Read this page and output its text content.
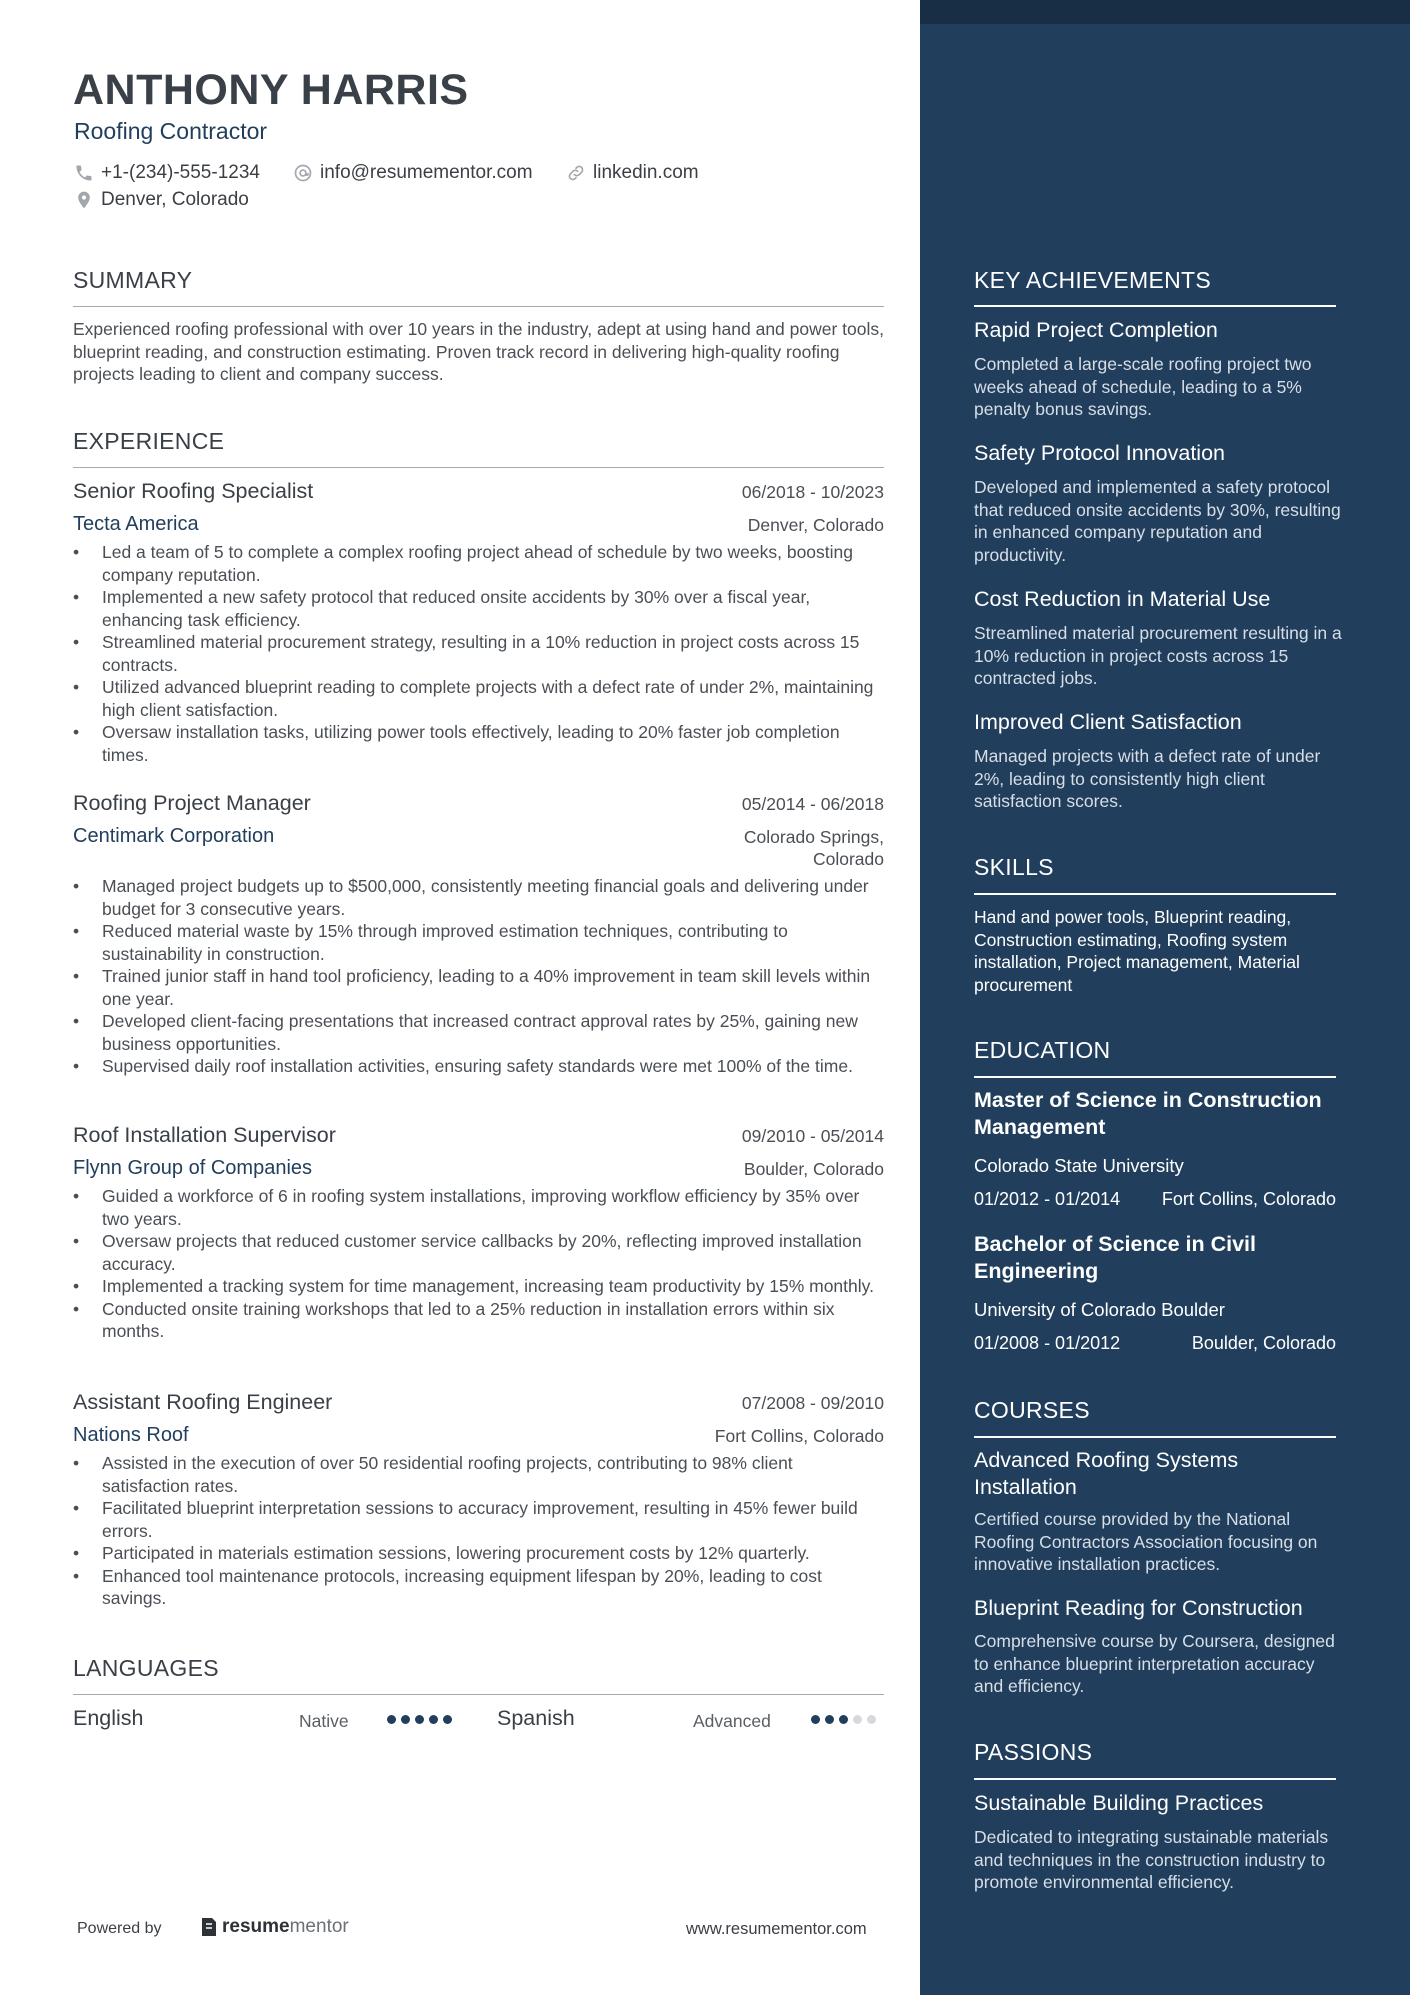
ANTHONY HARRIS
Roofing Contractor
+1-(234)-555-1234	info@resumementor.com	linkedin.com
Denver, Colorado
SUMMARY
Experienced roofing professional with over 10 years in the industry, adept at using hand and power tools, blueprint reading, and construction estimating. Proven track record in delivering high-quality roofing projects leading to client and company success.
EXPERIENCE
Senior Roofing Specialist	06/2018 - 10/2023
Tecta America	Denver, Colorado
• Led a team of 5 to complete a complex roofing project ahead of schedule by two weeks, boosting company reputation.
• Implemented a new safety protocol that reduced onsite accidents by 30% over a fiscal year, enhancing task efficiency.
• Streamlined material procurement strategy, resulting in a 10% reduction in project costs across 15 contracts.
• Utilized advanced blueprint reading to complete projects with a defect rate of under 2%, maintaining high client satisfaction.
• Oversaw installation tasks, utilizing power tools effectively, leading to 20% faster job completion times.
Roofing Project Manager	05/2014 - 06/2018
Centimark Corporation	Colorado Springs,
Colorado
• Managed project budgets up to $500,000, consistently meeting financial goals and delivering under budget for 3 consecutive years.
• Reduced material waste by 15% through improved estimation techniques, contributing to sustainability in construction.
• Trained junior staff in hand tool proficiency, leading to a 40% improvement in team skill levels within one year.
• Developed client-facing presentations that increased contract approval rates by 25%, gaining new business opportunities.
• Supervised daily roof installation activities, ensuring safety standards were met 100% of the time.
Roof Installation Supervisor	09/2010 - 05/2014
Flynn Group of Companies	Boulder, Colorado
• Guided a workforce of 6 in roofing system installations, improving workflow efficiency by 35% over two years.
• Oversaw projects that reduced customer service callbacks by 20%, reflecting improved installation accuracy.
• Implemented a tracking system for time management, increasing team productivity by 15% monthly.
• Conducted onsite training workshops that led to a 25% reduction in installation errors within six months.
Assistant Roofing Engineer	07/2008 - 09/2010
Nations Roof	Fort Collins, Colorado
• Assisted in the execution of over 50 residential roofing projects, contributing to 98% client satisfaction rates.
• Facilitated blueprint interpretation sessions to accuracy improvement, resulting in 45% fewer build errors.
• Participated in materials estimation sessions, lowering procurement costs by 12% quarterly.
• Enhanced tool maintenance protocols, increasing equipment lifespan by 20%, leading to cost savings.
LANGUAGES
English	Native	Spanish	Advanced
Powered by	resume mentor	www.resumementor.com
KEY ACHIEVEMENTS
Rapid Project Completion
Completed a large-scale roofing project two weeks ahead of schedule, leading to a 5% penalty bonus savings.
Safety Protocol Innovation
Developed and implemented a safety protocol that reduced onsite accidents by 30%, resulting in enhanced company reputation and productivity.
Cost Reduction in Material Use
Streamlined material procurement resulting in a 10% reduction in project costs across 15 contracted jobs.
Improved Client Satisfaction
Managed projects with a defect rate of under 2%, leading to consistently high client satisfaction scores.
SKILLS
Hand and power tools, Blueprint reading, Construction estimating, Roofing system installation, Project management, Material procurement
EDUCATION
Master of Science in Construction Management
Colorado State University
01/2012 - 01/2014 Fort Collins, Colorado
Bachelor of Science in Civil Engineering
University of Colorado Boulder
01/2008 - 01/2012	Boulder, Colorado
COURSES
Advanced Roofing Systems Installation
Certified course provided by the National Roofing Contractors Association focusing on innovative installation practices.
Blueprint Reading for Construction
Comprehensive course by Coursera, designed to enhance blueprint interpretation accuracy and efficiency.
PASSIONS
Sustainable Building Practices
Dedicated to integrating sustainable materials and techniques in the construction industry to promote environmental efficiency.
